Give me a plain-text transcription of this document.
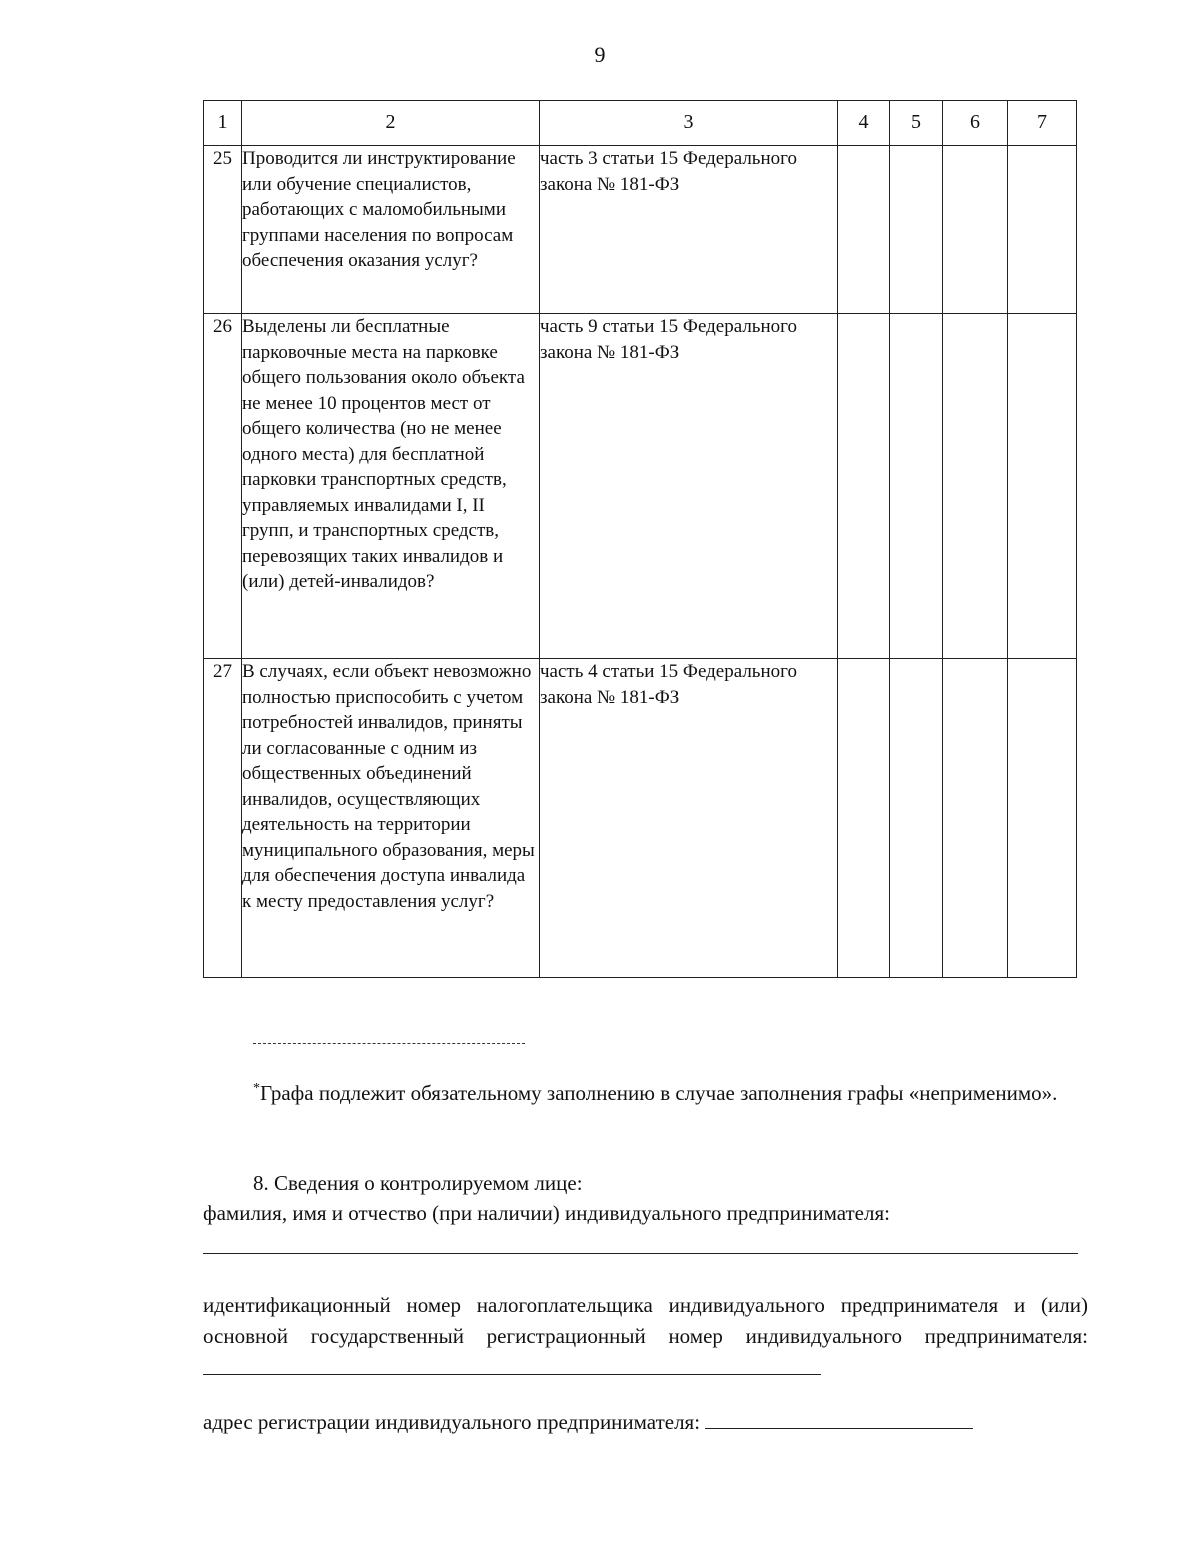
9
1	2	3	4	5	6	7
25	Проводится ли инструктирование или обучение специалистов, работающих с маломобильными группами населения по вопросам обеспечения оказания услуг?	часть 3 статьи 15 Федерального закона № 181-ФЗ				
26	Выделены ли бесплатные парковочные места на парковке общего пользования около объекта не менее 10 процентов мест от общего количества (но не менее одного места) для бесплатной парковки транспортных средств, управляемых инвалидами I, II групп, и транспортных средств, перевозящих таких инвалидов и (или) детей-инвалидов?	часть 9 статьи 15 Федерального закона № 181-ФЗ				
27	В случаях, если объект невозможно полностью приспособить с учетом потребностей инвалидов, приняты ли согласованные с одним из общественных объединений инвалидов, осуществляющих деятельность на территории муниципального образования, меры для обеспечения доступа инвалида к месту предоставления услуг?	часть 4 статьи 15 Федерального закона № 181-ФЗ				
*Графа подлежит обязательному заполнению в случае заполнения графы «неприменимо».
8. Сведения о контролируемом лице:
фамилия, имя и отчество (при наличии) индивидуального предпринимателя:
идентификационный номер налогоплательщика индивидуального предпринимателя и (или) основной государственный регистрационный номер индивидуального предпринимателя:
адрес регистрации индивидуального предпринимателя:
